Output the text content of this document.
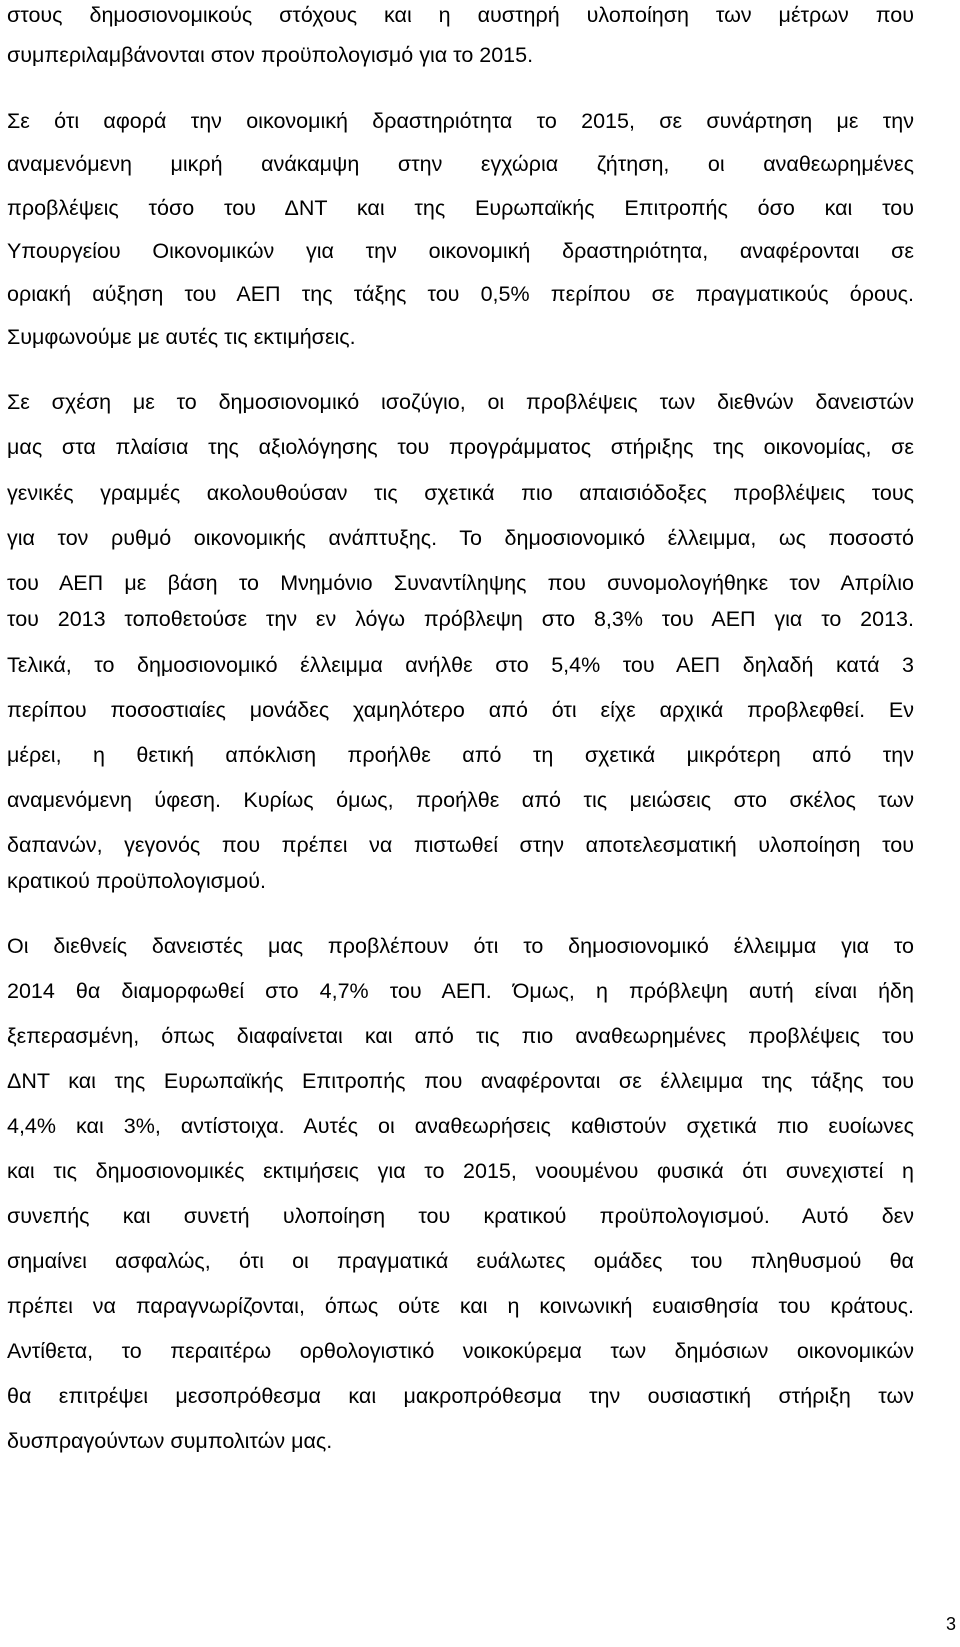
στους δημοσιονομικούς στόχους και η αυστηρή υλοποίηση των μέτρων που

συμπεριλαμβάνονται στον προϋπολογισμό για το 2015.

Σε ότι αφορά την οικονομική δραστηριότητα το 2015, σε συνάρτηση με την

αναμενόμενη μικρή ανάκαμψη στην εγχώρια ζήτηση, οι αναθεωρημένες

προβλέψεις τόσο του ΔΝΤ και της Ευρωπαϊκής Επιτροπής όσο και του

Υπουργείου Οικονομικών για την οικονομική δραστηριότητα, αναφέρονται σε

οριακή αύξηση του ΑΕΠ της τάξης του 0,5% περίπου σε πραγματικούς όρους.

Συμφωνούμε με αυτές τις εκτιμήσεις.

Σε σχέση με το δημοσιονομικό ισοζύγιο, οι προβλέψεις των διεθνών δανειστών

μας στα πλαίσια της αξιολόγησης του προγράμματος στήριξης της οικονομίας, σε

γενικές γραμμές ακολουθούσαν τις σχετικά πιο απαισιόδοξες προβλέψεις τους

για τον ρυθμό οικονομικής ανάπτυξης. Το δημοσιονομικό έλλειμμα, ως ποσοστό

του ΑΕΠ με βάση το Μνημόνιο Συναντίληψης που συνομολογήθηκε τον Απρίλιο

του 2013 τοποθετούσε την εν λόγω πρόβλεψη στο 8,3% του ΑΕΠ για το 2013.

Τελικά, το δημοσιονομικό έλλειμμα ανήλθε στο 5,4% του ΑΕΠ δηλαδή κατά 3

περίπου ποσοστιαίες μονάδες χαμηλότερο από ότι είχε αρχικά προβλεφθεί. Εν

μέρει, η θετική απόκλιση προήλθε από τη σχετικά μικρότερη από την

αναμενόμενη ύφεση. Κυρίως όμως, προήλθε από τις μειώσεις στο σκέλος των

δαπανών, γεγονός που πρέπει να πιστωθεί στην αποτελεσματική υλοποίηση του

κρατικού προϋπολογισμού.

Οι διεθνείς δανειστές μας προβλέπουν ότι το δημοσιονομικό έλλειμμα για το

2014 θα διαμορφωθεί στο 4,7% του ΑΕΠ. Όμως, η πρόβλεψη αυτή είναι ήδη

ξεπερασμένη, όπως διαφαίνεται και από τις πιο αναθεωρημένες προβλέψεις του

ΔΝΤ και της Ευρωπαϊκής Επιτροπής που αναφέρονται σε έλλειμμα της τάξης του

4,4% και 3%, αντίστοιχα. Αυτές οι αναθεωρήσεις καθιστούν σχετικά πιο ευοίωνες

και τις δημοσιονομικές εκτιμήσεις για το 2015, νοουμένου φυσικά ότι συνεχιστεί η

συνεπής και συνετή υλοποίηση του κρατικού προϋπολογισμού. Αυτό δεν

σημαίνει ασφαλώς, ότι οι πραγματικά ευάλωτες ομάδες του πληθυσμού θα

πρέπει να παραγνωρίζονται, όπως ούτε και η κοινωνική ευαισθησία του κράτους.

Αντίθετα, το περαιτέρω ορθολογιστικό νοικοκύρεμα των δημόσιων οικονομικών

θα επιτρέψει μεσοπρόθεσμα και μακροπρόθεσμα την ουσιαστική στήριξη των

δυσπραγούντων συμπολιτών μας.

3
